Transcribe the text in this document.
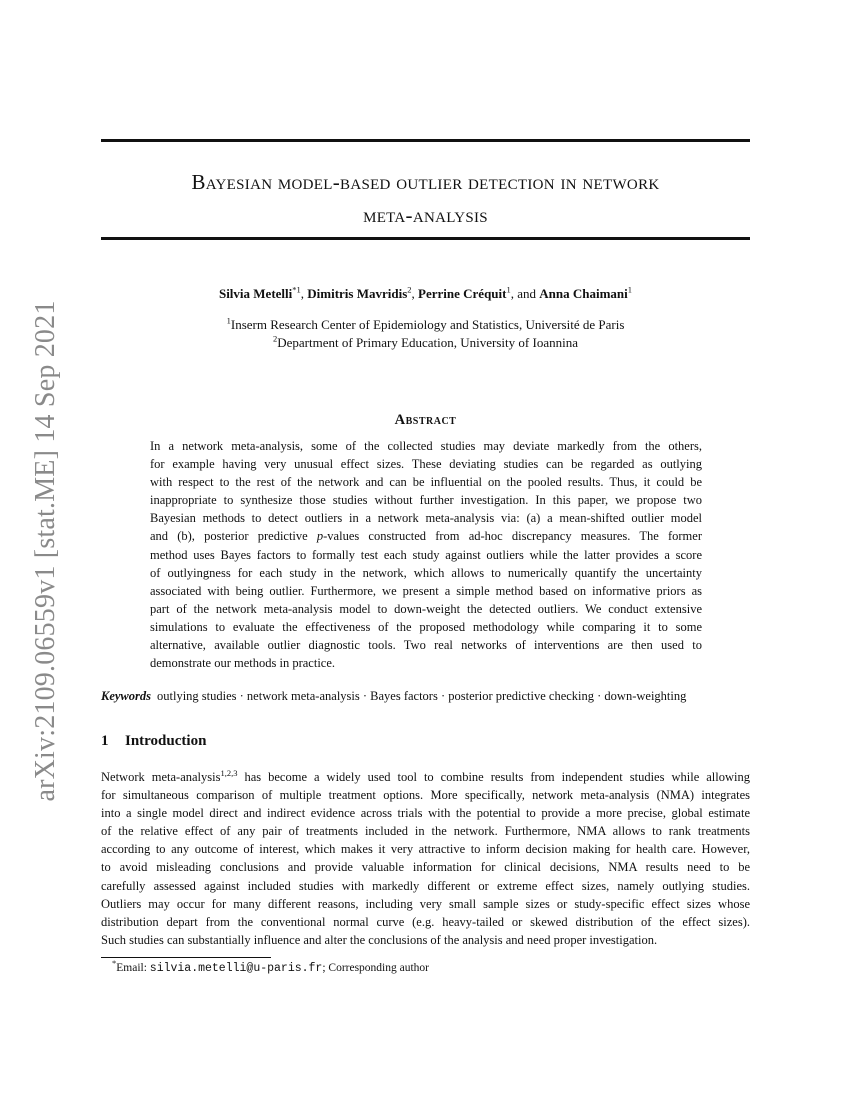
Bayesian model-based outlier detection in network
meta-analysis
arXiv:2109.06559v1 [stat.ME] 14 Sep 2021
Silvia Metelli$^{*1}$, Dimitris Mavridis$^2$, Perrine Créquit$^1$, and Anna Chaimani$^1$
$^1$Inserm Research Center of Epidemiology and Statistics, Université de Paris
$^2$Department of Primary Education, University of Ioannina
Abstract
In a network meta-analysis, some of the collected studies may deviate markedly from the others,
for example having very unusual effect sizes. These deviating studies can be regarded as outlying
with respect to the rest of the network and can be influential on the pooled results. Thus, it could be
inappropriate to synthesize those studies without further investigation. In this paper, we propose two
Bayesian methods to detect outliers in a network meta-analysis via: (a) a mean-shifted outlier model
and (b), posterior predictive p-values constructed from ad-hoc discrepancy measures. The former
method uses Bayes factors to formally test each study against outliers while the latter provides a score
of outlyingness for each study in the network, which allows to numerically quantify the uncertainty
associated with being outlier. Furthermore, we present a simple method based on informative priors as
part of the network meta-analysis model to down-weight the detected outliers. We conduct extensive
simulations to evaluate the effectiveness of the proposed methodology while comparing it to some
alternative, available outlier diagnostic tools. Two real networks of interventions are then used to
demonstrate our methods in practice.
Keywords outlying studies · network meta-analysis · Bayes factors · posterior predictive checking · down-weighting
1 Introduction
Network meta-analysis$^{1,2,3}$ has become a widely used tool to combine results from independent studies while allowing
for simultaneous comparison of multiple treatment options. More specifically, network meta-analysis (NMA) integrates
into a single model direct and indirect evidence across trials with the potential to provide a more precise, global estimate
of the relative effect of any pair of treatments included in the network. Furthermore, NMA allows to rank treatments
according to any outcome of interest, which makes it very attractive to inform decision making for health care. However,
to avoid misleading conclusions and provide valuable information for clinical decisions, NMA results need to be
carefully assessed against included studies with markedly different or extreme effect sizes, namely outlying studies.
Outliers may occur for many different reasons, including very small sample sizes or study-specific effect sizes whose
distribution depart from the conventional normal curve (e.g. heavy-tailed or skewed distribution of the effect sizes).
Such studies can substantially influence and alter the conclusions of the analysis and need proper investigation.
*Email: silvia.metelli@u-paris.fr; Corresponding author
